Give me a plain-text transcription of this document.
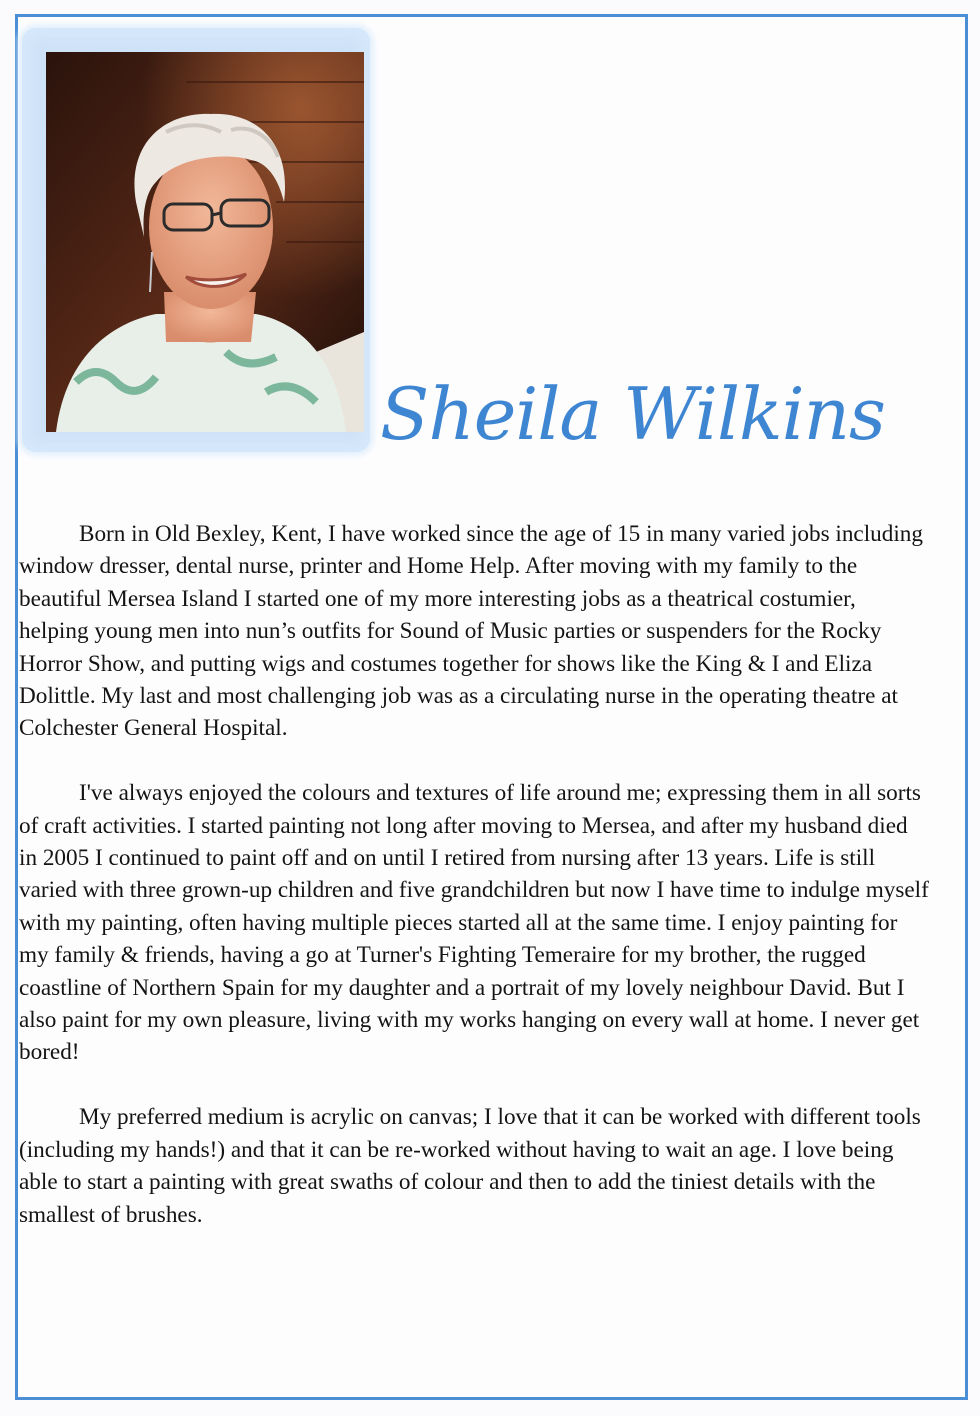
Sheila Wilkins

Born in Old Bexley, Kent, I have worked since the age of 15 in many varied jobs including window dresser, dental nurse, printer and Home Help. After moving with my family to the beautiful Mersea Island I started one of my more interesting jobs as a theatrical costumier, helping young men into nun’s outfits for Sound of Music parties or suspenders for the Rocky Horror Show, and putting wigs and costumes together for shows like the King & I and Eliza Dolittle. My last and most challenging job was as a circulating nurse in the operating theatre at Colchester General Hospital.

I've always enjoyed the colours and textures of life around me; expressing them in all sorts of craft activities. I started painting not long after moving to Mersea, and after my husband died in 2005 I continued to paint off and on until I retired from nursing after 13 years. Life is still varied with three grown-up children and five grandchildren but now I have time to indulge myself with my painting, often having multiple pieces started all at the same time. I enjoy painting for my family & friends, having a go at Turner's Fighting Temeraire for my brother, the rugged coastline of Northern Spain for my daughter and a portrait of my lovely neighbour David. But I also paint for my own pleasure, living with my works hanging on every wall at home. I never get bored!

My preferred medium is acrylic on canvas; I love that it can be worked with different tools (including my hands!) and that it can be re-worked without having to wait an age. I love being able to start a painting with great swaths of colour and then to add the tiniest details with the smallest of brushes.
